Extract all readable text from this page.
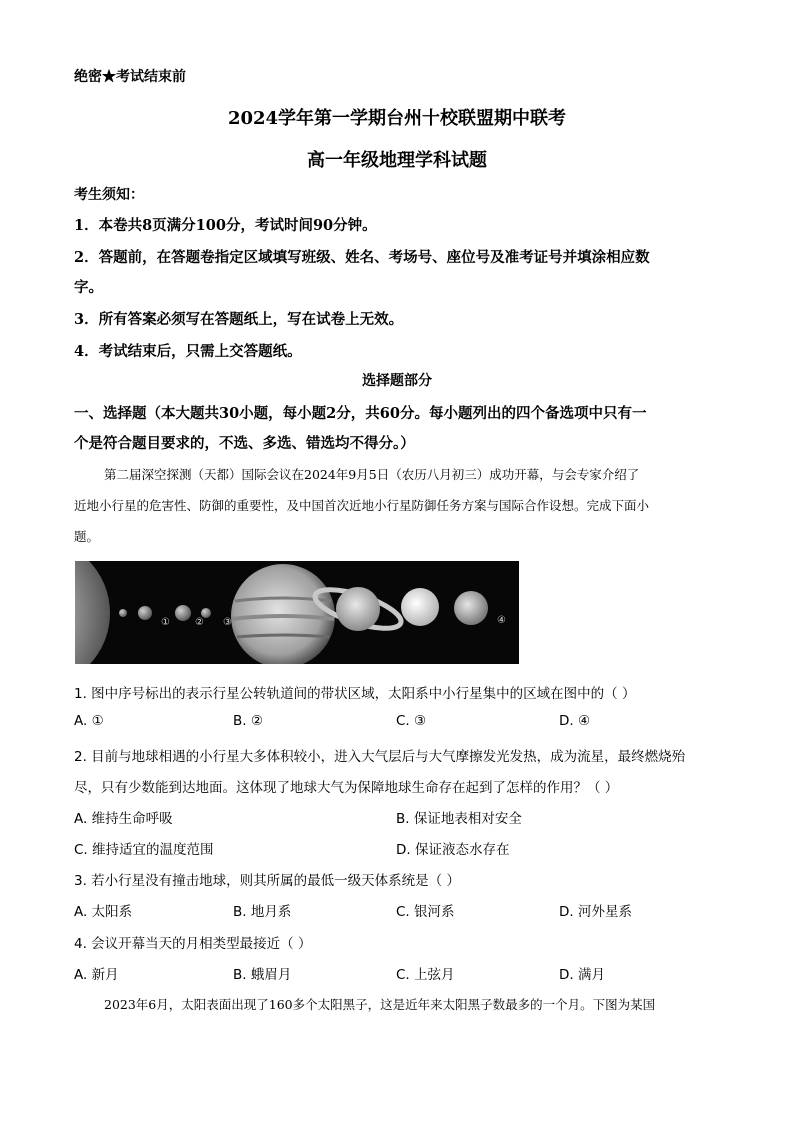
绝密★考试结束前
2024学年第一学期台州十校联盟期中联考
高一年级地理学科试题
考生须知：
1．本卷共8页满分100分，考试时间90分钟。
2．答题前，在答题卷指定区域填写班级、姓名、考场号、座位号及准考证号并填涂相应数
字。
3．所有答案必须写在答题纸上，写在试卷上无效。
4．考试结束后，只需上交答题纸。
选择题部分
一、选择题（本大题共30小题，每小题2分，共60分。每小题列出的四个备选项中只有一
个是符合题目要求的，不选、多选、错选均不得分。）
第二届深空探测（天都）国际会议在2024年9月5日（农历八月初三）成功开幕，与会专家介绍了
近地小行星的危害性、防御的重要性，及中国首次近地小行星防御任务方案与国际合作设想。完成下面小
题。
①	② ③	④
1. 图中序号标出的表示行星公转轨道间的带状区域，太阳系中小行星集中的区域在图中的（ ）
A. ①	B. ②	C. ③	D. ④
2. 目前与地球相遇的小行星大多体积较小，进入大气层后与大气摩擦发光发热，成为流星，最终燃烧殆
尽，只有少数能到达地面。这体现了地球大气为保障地球生命存在起到了怎样的作用？（ ）
A. 维持生命呼吸	B. 保证地表相对安全
C. 维持适宜的温度范围	D. 保证液态水存在
3. 若小行星没有撞击地球，则其所属的最低一级天体系统是（ ）
A. 太阳系	B. 地月系	C. 银河系	D. 河外星系
4. 会议开幕当天的月相类型最接近（ ）
A. 新月	B. 蛾眉月	C. 上弦月	D. 满月
2023年6月，太阳表面出现了160多个太阳黑子，这是近年来太阳黑子数最多的一个月。下图为某国
